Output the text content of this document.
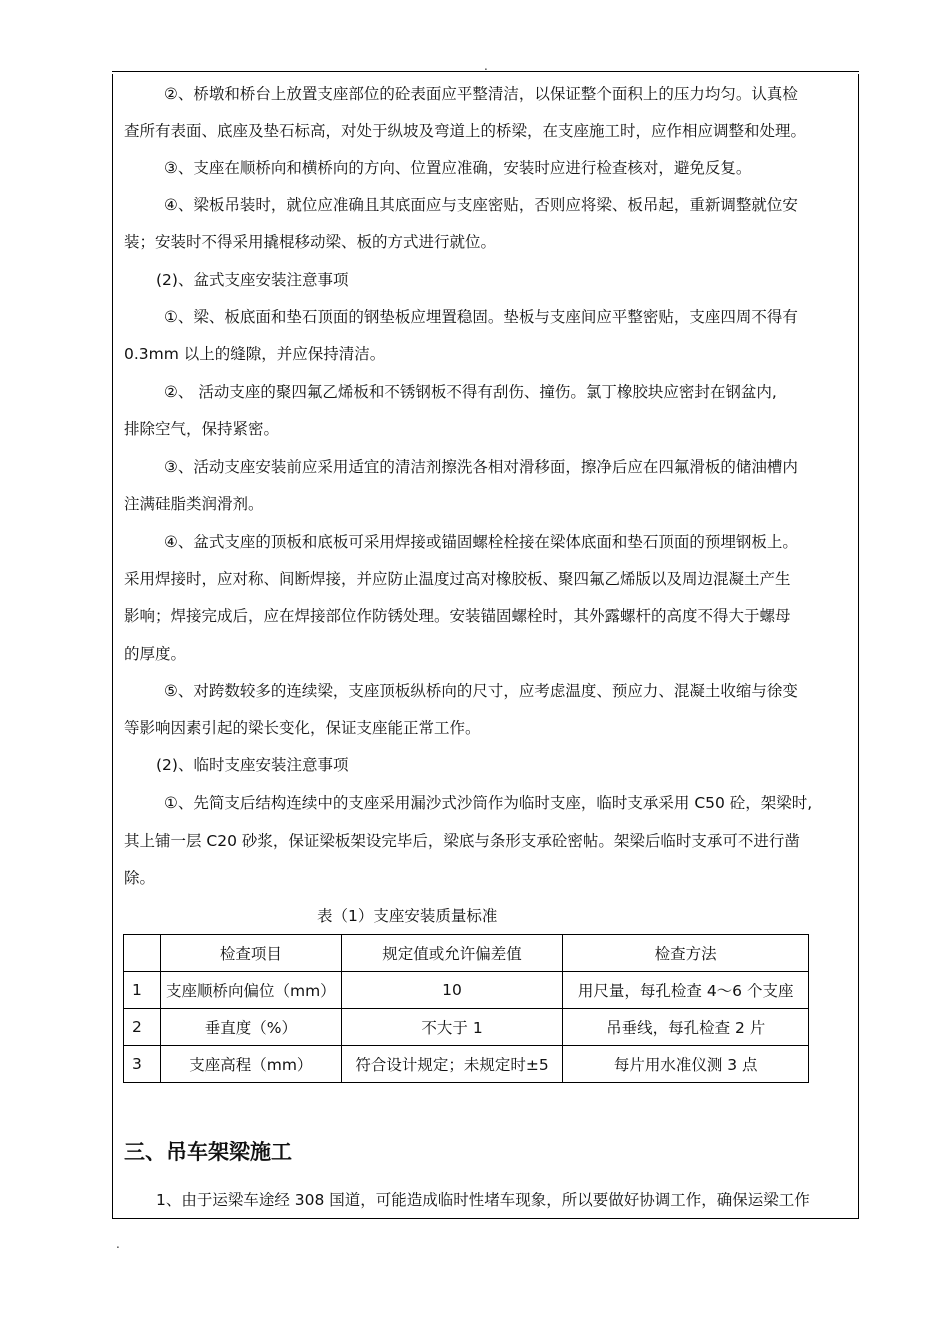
.
②、桥墩和桥台上放置支座部位的砼表面应平整清洁，以保证整个面积上的压力均匀。认真检
查所有表面、底座及垫石标高，对处于纵坡及弯道上的桥梁，在支座施工时，应作相应调整和处理。
③、支座在顺桥向和横桥向的方向、位置应准确，安装时应进行检查核对，避免反复。
④、梁板吊装时，就位应准确且其底面应与支座密贴，否则应将梁、板吊起，重新调整就位安
装；安装时不得采用撬棍移动梁、板的方式进行就位。
(2)、盆式支座安装注意事项
①、梁、板底面和垫石顶面的钢垫板应埋置稳固。垫板与支座间应平整密贴，支座四周不得有
0.3mm 以上的缝隙，并应保持清洁。
②、 活动支座的聚四氟乙烯板和不锈钢板不得有刮伤、撞伤。氯丁橡胶块应密封在钢盆内,
排除空气，保持紧密。
③、活动支座安装前应采用适宜的清洁剂擦洗各相对滑移面，擦净后应在四氟滑板的储油槽内
注满硅脂类润滑剂。
④、盆式支座的顶板和底板可采用焊接或锚固螺栓栓接在梁体底面和垫石顶面的预埋钢板上。
采用焊接时，应对称、间断焊接，并应防止温度过高对橡胶板、聚四氟乙烯版以及周边混凝土产生
影响；焊接完成后，应在焊接部位作防锈处理。安装锚固螺栓时，其外露螺杆的高度不得大于螺母
的厚度。
⑤、对跨数较多的连续梁，支座顶板纵桥向的尺寸，应考虑温度、预应力、混凝土收缩与徐变
等影响因素引起的梁长变化，保证支座能正常工作。
(2)、临时支座安装注意事项
①、先简支后结构连续中的支座采用漏沙式沙筒作为临时支座，临时支承采用 C50 砼，架梁时,
其上铺一层 C20 砂浆，保证梁板架设完毕后，梁底与条形支承砼密帖。架梁后临时支承可不进行凿
除。
表（1）支座安装质量标准
	检查项目	规定值或允许偏差值	检查方法
1	支座顺桥向偏位（mm）	10	用尺量，每孔检查 4～6 个支座
2	垂直度（%）	不大于 1	吊垂线，每孔检查 2 片
3	支座高程（mm）	符合设计规定；未规定时±5	每片用水准仪测 3 点
三、吊车架梁施工
1、由于运梁车途经 308 国道，可能造成临时性堵车现象，所以要做好协调工作，确保运梁工作
.
